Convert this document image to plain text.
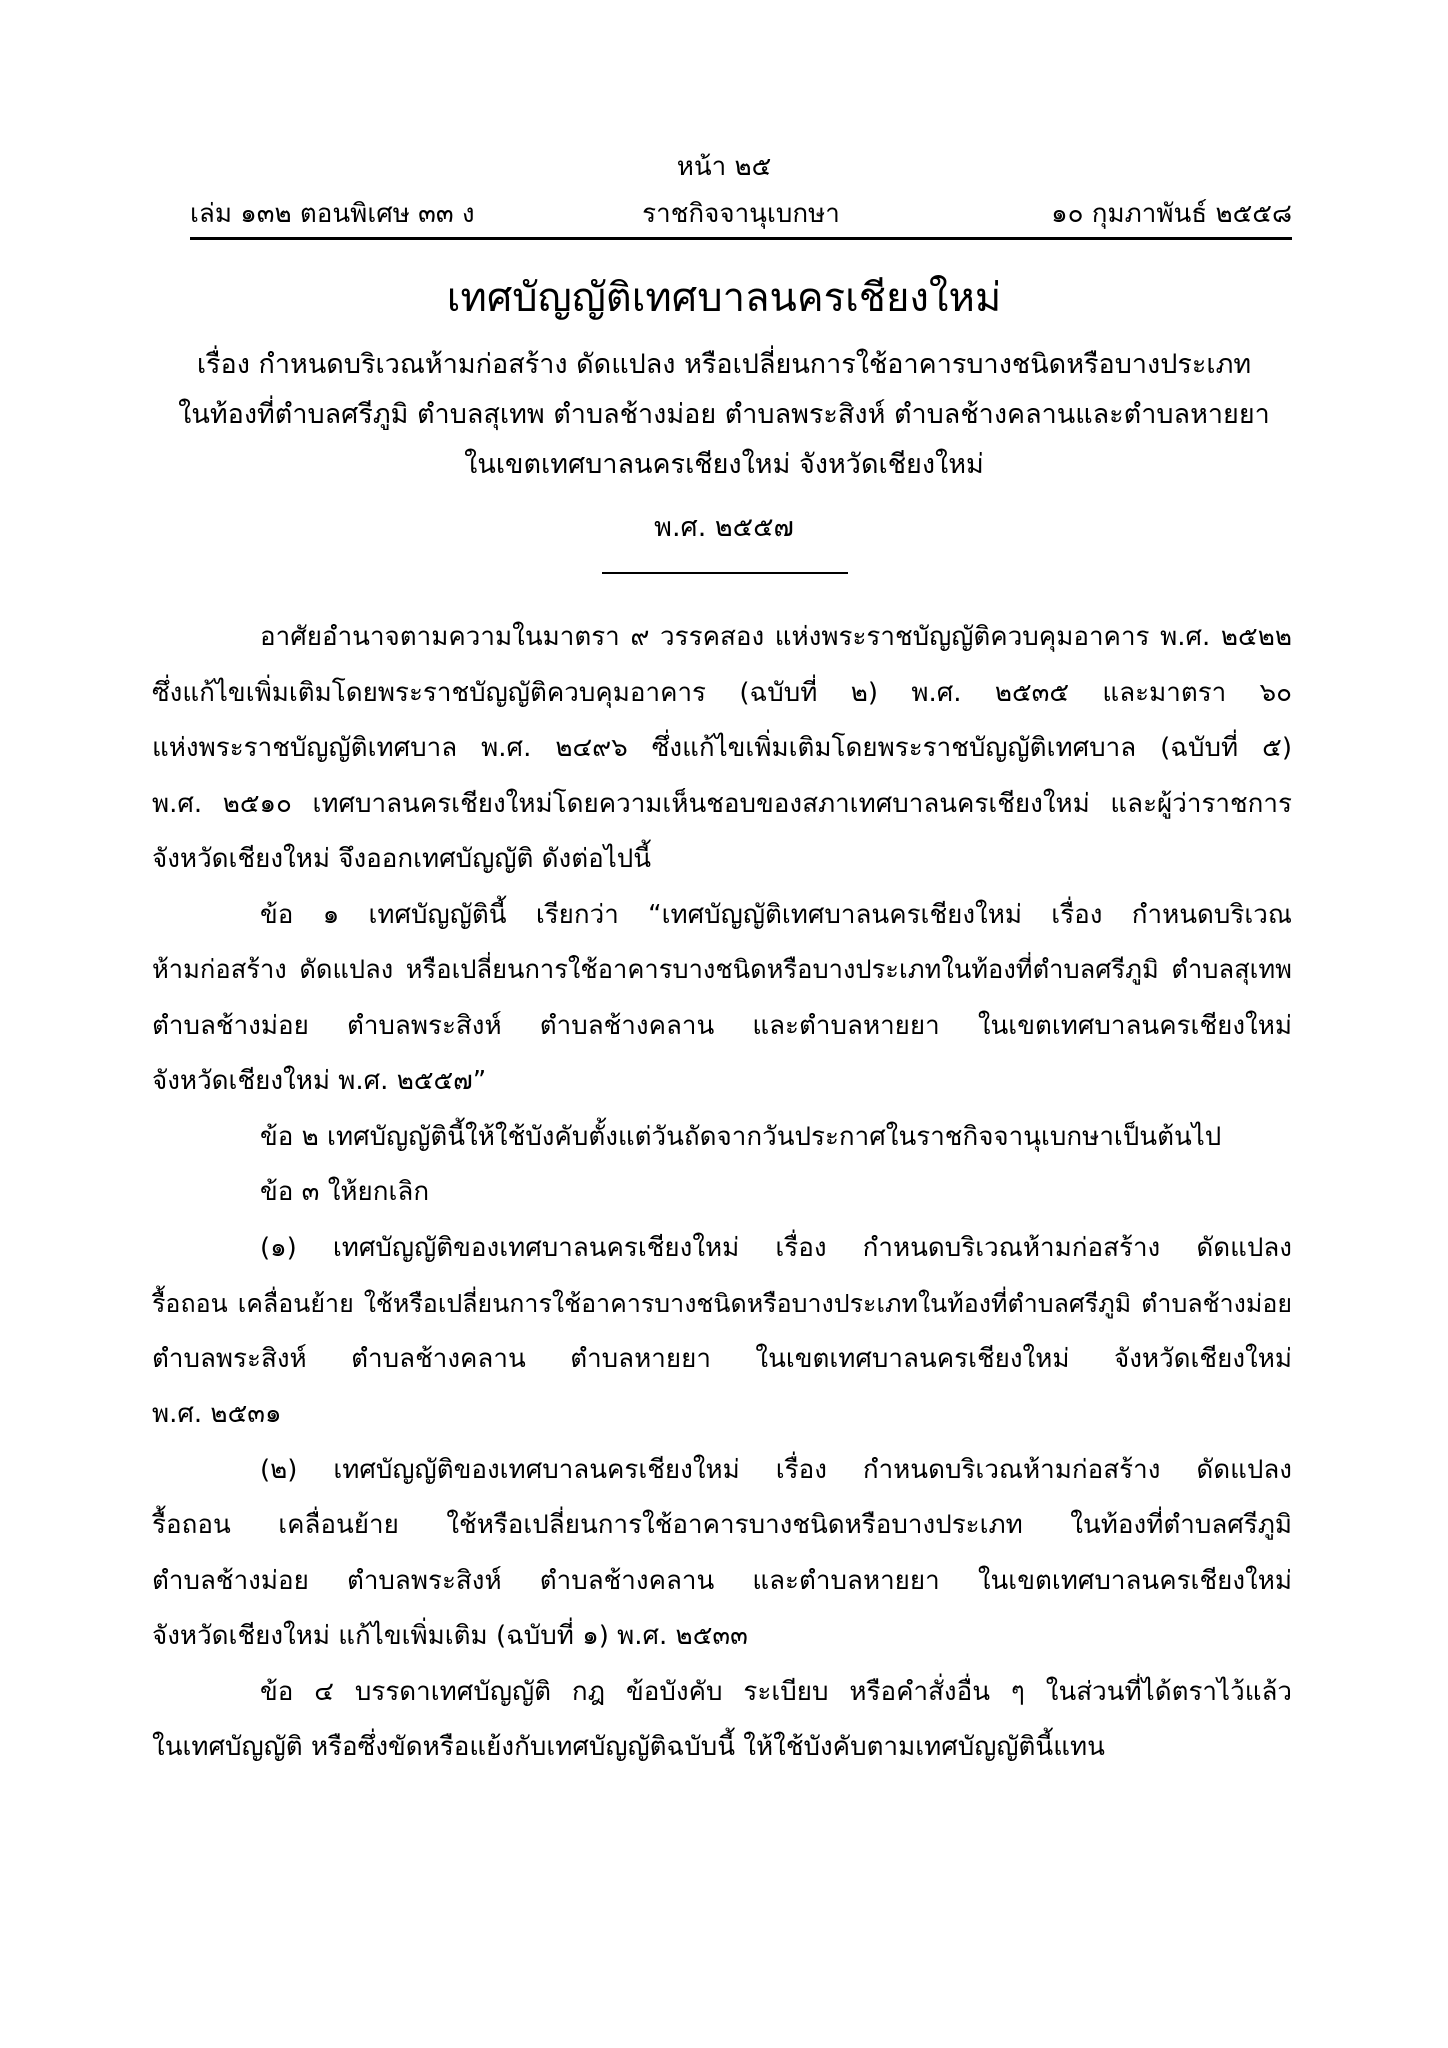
หน้า ๒๕
ราชกิจจานุเบกษา
เล่ม ๑๓๒ ตอนพิเศษ ๓๓ ง	๑๐ กุมภาพันธ์ ๒๕๕๘
เทศบัญญัติเทศบาลนครเชียงใหม่
เรื่อง กำหนดบริเวณห้ามก่อสร้าง ดัดแปลง หรือเปลี่ยนการใช้อาคารบางชนิดหรือบางประเภท
ในท้องที่ตำบลศรีภูมิ ตำบลสุเทพ ตำบลช้างม่อย ตำบลพระสิงห์ ตำบลช้างคลานและตำบลหายยา
ในเขตเทศบาลนครเชียงใหม่ จังหวัดเชียงใหม่
พ.ศ. ๒๕๕๗
อาศัยอำนาจตามความในมาตรา ๙ วรรคสอง แห่งพระราชบัญญัติควบคุมอาคาร พ.ศ. ๒๕๒๒
ซึ่งแก้ไขเพิ่มเติมโดยพระราชบัญญัติควบคุมอาคาร (ฉบับที่ ๒) พ.ศ. ๒๕๓๕ และมาตรา ๖๐
แห่งพระราชบัญญัติเทศบาล พ.ศ. ๒๔๙๖ ซึ่งแก้ไขเพิ่มเติมโดยพระราชบัญญัติเทศบาล (ฉบับที่ ๕)
พ.ศ. ๒๕๑๐ เทศบาลนครเชียงใหม่โดยความเห็นชอบของสภาเทศบาลนครเชียงใหม่ และผู้ว่าราชการ
จังหวัดเชียงใหม่ จึงออกเทศบัญญัติ ดังต่อไปนี้
ข้อ ๑ เทศบัญญัตินี้ เรียกว่า “เทศบัญญัติเทศบาลนครเชียงใหม่ เรื่อง กำหนดบริเวณ
ห้ามก่อสร้าง ดัดแปลง หรือเปลี่ยนการใช้อาคารบางชนิดหรือบางประเภทในท้องที่ตำบลศรีภูมิ ตำบลสุเทพ
ตำบลช้างม่อย ตำบลพระสิงห์ ตำบลช้างคลาน และตำบลหายยา ในเขตเทศบาลนครเชียงใหม่
จังหวัดเชียงใหม่ พ.ศ. ๒๕๕๗”
ข้อ ๒ เทศบัญญัตินี้ให้ใช้บังคับตั้งแต่วันถัดจากวันประกาศในราชกิจจานุเบกษาเป็นต้นไป
ข้อ ๓ ให้ยกเลิก
(๑) เทศบัญญัติของเทศบาลนครเชียงใหม่ เรื่อง กำหนดบริเวณห้ามก่อสร้าง ดัดแปลง
รื้อถอน เคลื่อนย้าย ใช้หรือเปลี่ยนการใช้อาคารบางชนิดหรือบางประเภทในท้องที่ตำบลศรีภูมิ ตำบลช้างม่อย
ตำบลพระสิงห์ ตำบลช้างคลาน ตำบลหายยา ในเขตเทศบาลนครเชียงใหม่ จังหวัดเชียงใหม่
พ.ศ. ๒๕๓๑
(๒) เทศบัญญัติของเทศบาลนครเชียงใหม่ เรื่อง กำหนดบริเวณห้ามก่อสร้าง ดัดแปลง
รื้อถอน เคลื่อนย้าย ใช้หรือเปลี่ยนการใช้อาคารบางชนิดหรือบางประเภท ในท้องที่ตำบลศรีภูมิ
ตำบลช้างม่อย ตำบลพระสิงห์ ตำบลช้างคลาน และตำบลหายยา ในเขตเทศบาลนครเชียงใหม่
จังหวัดเชียงใหม่ แก้ไขเพิ่มเติม (ฉบับที่ ๑) พ.ศ. ๒๕๓๓
ข้อ ๔ บรรดาเทศบัญญัติ กฎ ข้อบังคับ ระเบียบ หรือคำสั่งอื่น ๆ ในส่วนที่ได้ตราไว้แล้ว
ในเทศบัญญัติ หรือซึ่งขัดหรือแย้งกับเทศบัญญัติฉบับนี้ ให้ใช้บังคับตามเทศบัญญัตินี้แทน
